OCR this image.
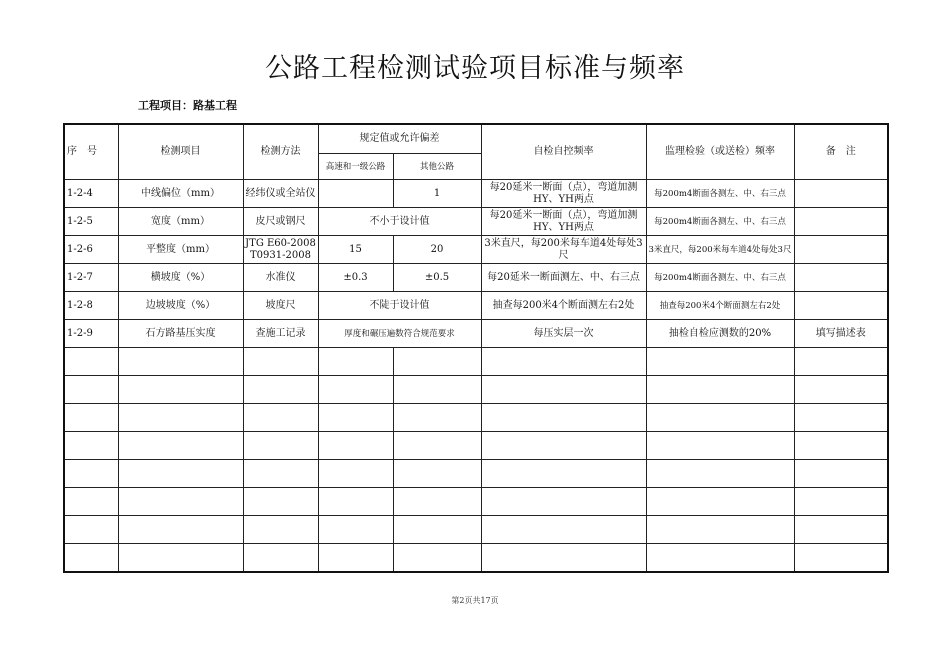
公路工程检测试验项目标准与频率
工程项目：路基工程
序　号	检测项目	检测方法	规定值或允许偏差		自检自控频率	监理检验（或送检）频率	备　注
			高速和一级公路	其他公路			
1-2-4	中线偏位（mm）	经纬仪或全站仪		1	每20延米一断面（点），弯道加测HY、YH两点	每200m4断面各测左、中、右三点	
1-2-5	宽度（mm）	皮尺或钢尺	不小于设计值		每20延米一断面（点），弯道加测HY、YH两点	每200m4断面各测左、中、右三点	
1-2-6	平整度（mm）	JTG E60-2008 T0931-2008	15	20	3米直尺，每200米每车道4处每处3尺	3米直尺，每200米每车道4处每处3尺	
1-2-7	横坡度（%）	水准仪	±0.3	±0.5	每20延米一断面测左、中、右三点	每200m4断面各测左、中、右三点	
1-2-8	边坡坡度（%）	坡度尺	不陡于设计值		抽查每200米4个断面测左右2处	抽查每200米4个断面测左右2处	
1-2-9	石方路基压实度	查施工记录	厚度和碾压遍数符合规范要求		每压实层一次	抽检自检应测数的20%	填写描述表

第2页共17页
